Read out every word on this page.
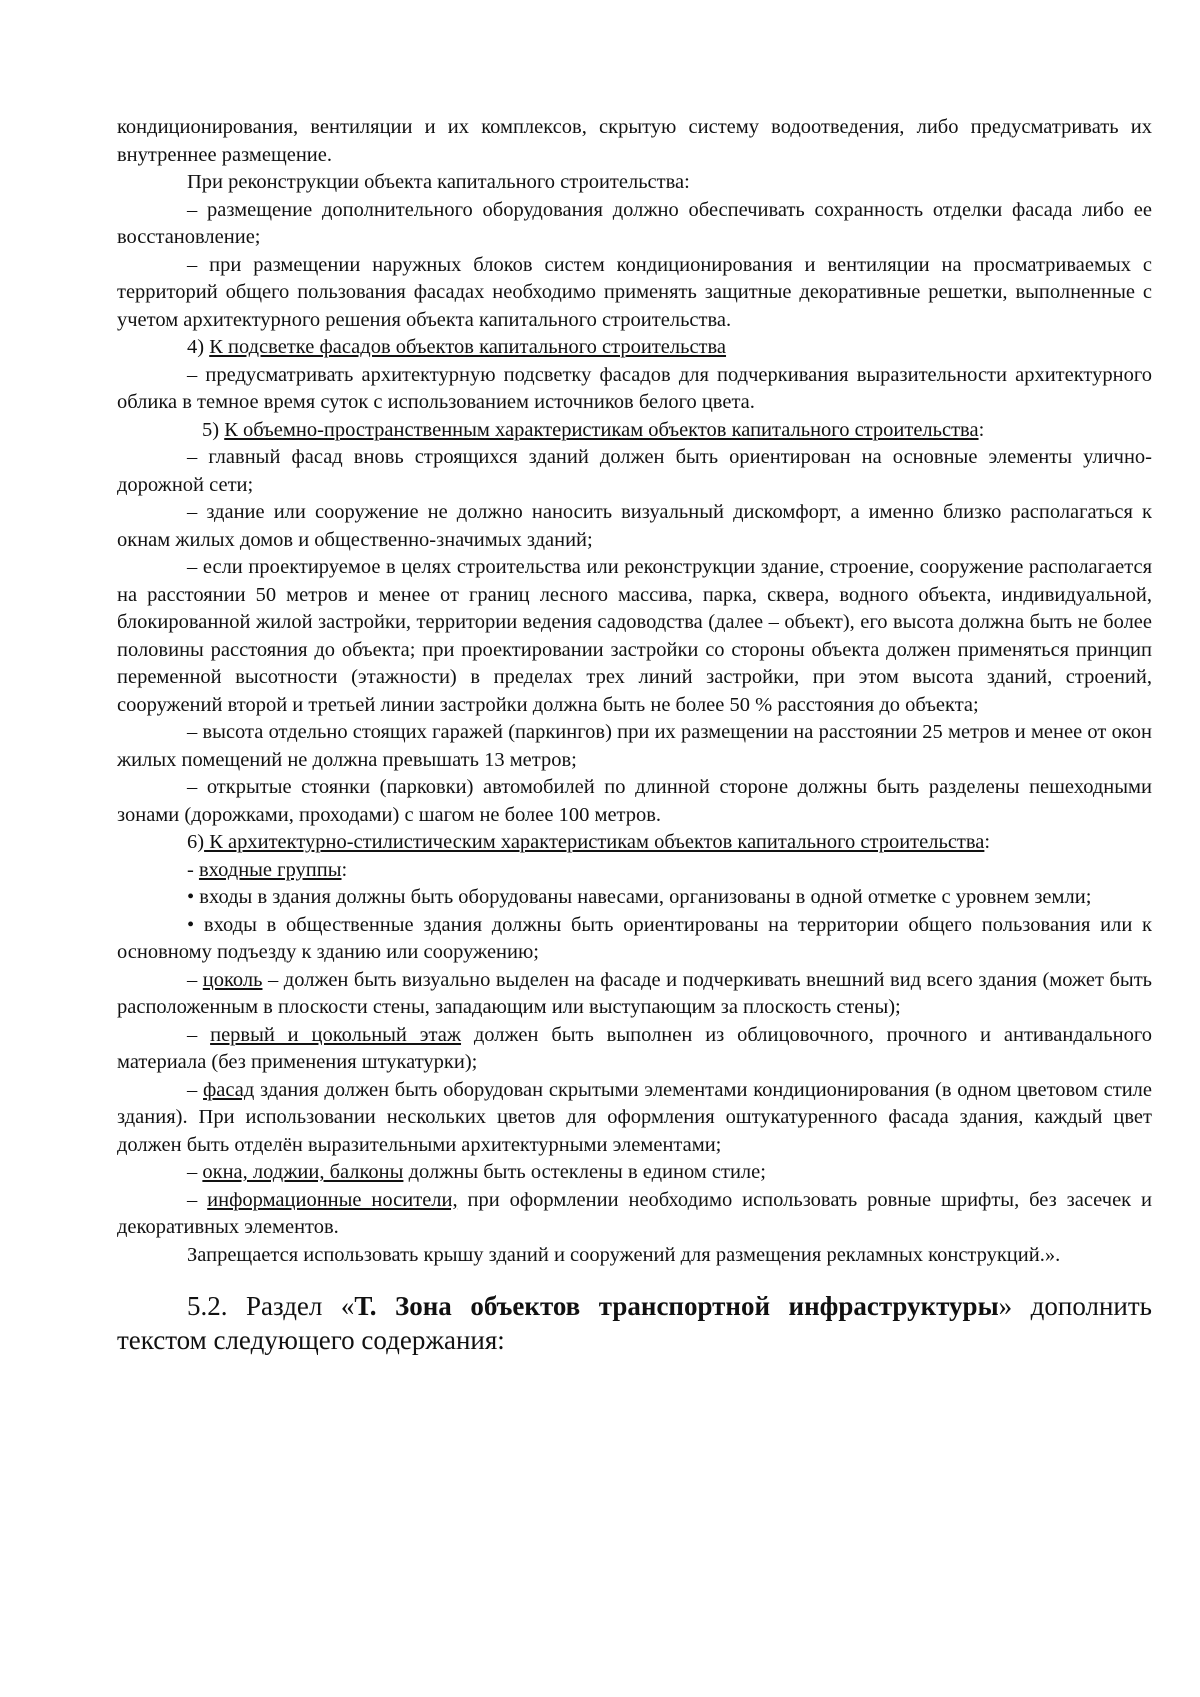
кондиционирования, вентиляции и их комплексов, скрытую систему водоотведения, либо предусматривать их внутреннее размещение.

При реконструкции объекта капитального строительства:

– размещение дополнительного оборудования должно обеспечивать сохранность отделки фасада либо ее восстановление;

– при размещении наружных блоков систем кондиционирования и вентиляции на просматриваемых с территорий общего пользования фасадах необходимо применять защитные декоративные решетки, выполненные с учетом архитектурного решения объекта капитального строительства.

4) К подсветке фасадов объектов капитального строительства

– предусматривать архитектурную подсветку фасадов для подчеркивания выразительности архитектурного облика в темное время суток с использованием источников белого цвета.

5) К объемно-пространственным характеристикам объектов капитального строительства:

– главный фасад вновь строящихся зданий должен быть ориентирован на основные элементы улично-дорожной сети;

– здание или сооружение не должно наносить визуальный дискомфорт, а именно близко располагаться к окнам жилых домов и общественно-значимых зданий;

– если проектируемое в целях строительства или реконструкции здание, строение, сооружение располагается на расстоянии 50 метров и менее от границ лесного массива, парка, сквера, водного объекта, индивидуальной, блокированной жилой застройки, территории ведения садоводства (далее – объект), его высота должна быть не более половины расстояния до объекта; при проектировании застройки со стороны объекта должен применяться принцип переменной высотности (этажности) в пределах трех линий застройки, при этом высота зданий, строений, сооружений второй и третьей линии застройки должна быть не более 50 % расстояния до объекта;

– высота отдельно стоящих гаражей (паркингов) при их размещении на расстоянии 25 метров и менее от окон жилых помещений не должна превышать 13 метров;

– открытые стоянки (парковки) автомобилей по длинной стороне должны быть разделены пешеходными зонами (дорожками, проходами) с шагом не более 100 метров.

6) К архитектурно-стилистическим характеристикам объектов капитального строительства:

- входные группы:

• входы в здания должны быть оборудованы навесами, организованы в одной отметке с уровнем земли;

• входы в общественные здания должны быть ориентированы на территории общего пользования или к основному подъезду к зданию или сооружению;

– цоколь – должен быть визуально выделен на фасаде и подчеркивать внешний вид всего здания (может быть расположенным в плоскости стены, западающим или выступающим за плоскость стены);

– первый и цокольный этаж должен быть выполнен из облицовочного, прочного и антивандального материала (без применения штукатурки);

– фасад здания должен быть оборудован скрытыми элементами кондиционирования (в одном цветовом стиле здания). При использовании нескольких цветов для оформления оштукатуренного фасада здания, каждый цвет должен быть отделён выразительными архитектурными элементами;

– окна, лоджии, балконы должны быть остеклены в едином стиле;

– информационные носители, при оформлении необходимо использовать ровные шрифты, без засечек и декоративных элементов.

Запрещается использовать крышу зданий и сооружений для размещения рекламных конструкций.».

5.2. Раздел «Т. Зона объектов транспортной инфраструктуры» дополнить текстом следующего содержания:
